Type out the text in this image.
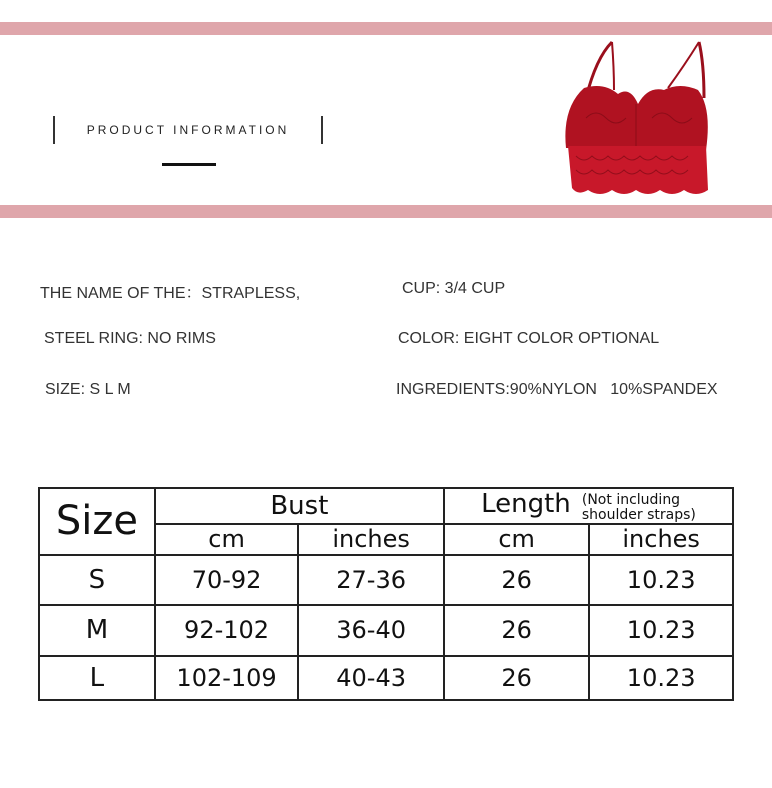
PRODUCT INFORMATION
THE NAME OF THE：STRAPLESS,	CUP: 3/4 CUP
STEEL RING: NO RIMS	COLOR: EIGHT COLOR OPTIONAL
SIZE: S L M	INGREDIENTS:90%NYLON   10%SPANDEX
Size	Bust		Length (Not including
shoulder straps)	
	cm	inches	cm	inches
S	70-92	27-36	26	10.23
M	92-102	36-40	26	10.23
L	102-109	40-43	26	10.23
